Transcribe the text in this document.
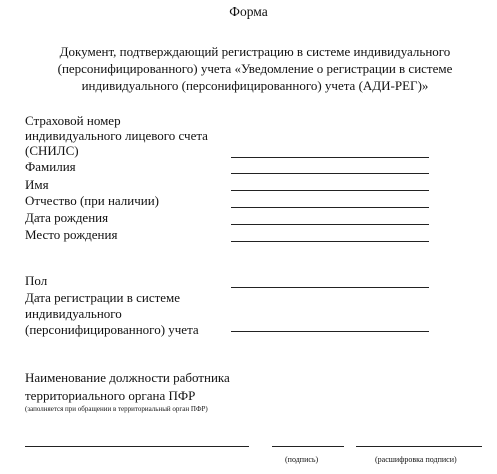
Форма
Документ, подтверждающий регистрацию в системе индивидуального
(персонифицированного) учета «Уведомление о регистрации в системе
индивидуального (персонифицированного) учета (АДИ-РЕГ)»
Страховой номер
индивидуального лицевого счета
(СНИЛС)
Фамилия
Имя
Отчество (при наличии)
Дата рождения
Место рождения
Пол
Дата регистрации в системе
индивидуального
(персонифицированного) учета
Наименование должности работника
территориального органа ПФР
(заполняется при обращении в территориальный орган ПФР)
(подпись)	(расшифровка подписи)
